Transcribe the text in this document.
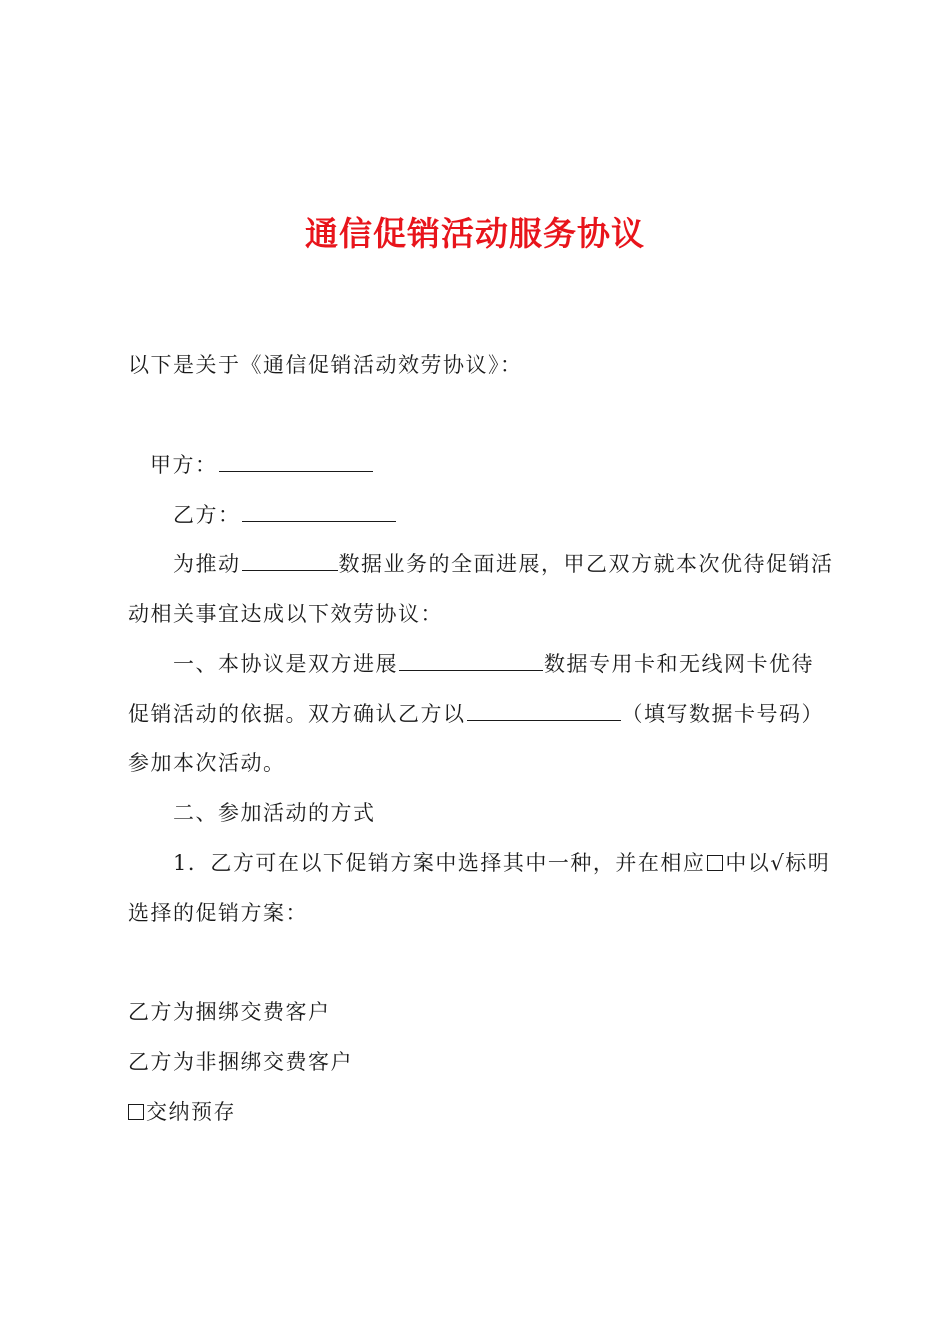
通信促销活动服务协议
以下是关于《通信促销活动效劳协议》：
甲方：
乙方：
为推动	数据业务的全面进展，甲乙双方就本次优待促销活
动相关事宜达成以下效劳协议：
一、本协议是双方进展	数据专用卡和无线网卡优待
促销活动的依据。双方确认乙方以	（填写数据卡号码）
参加本次活动。
二、参加活动的方式
1．乙方可在以下促销方案中选择其中一种，并在相应 中以√标明
选择的促销方案：
乙方为捆绑交费客户
乙方为非捆绑交费客户
交纳预存
